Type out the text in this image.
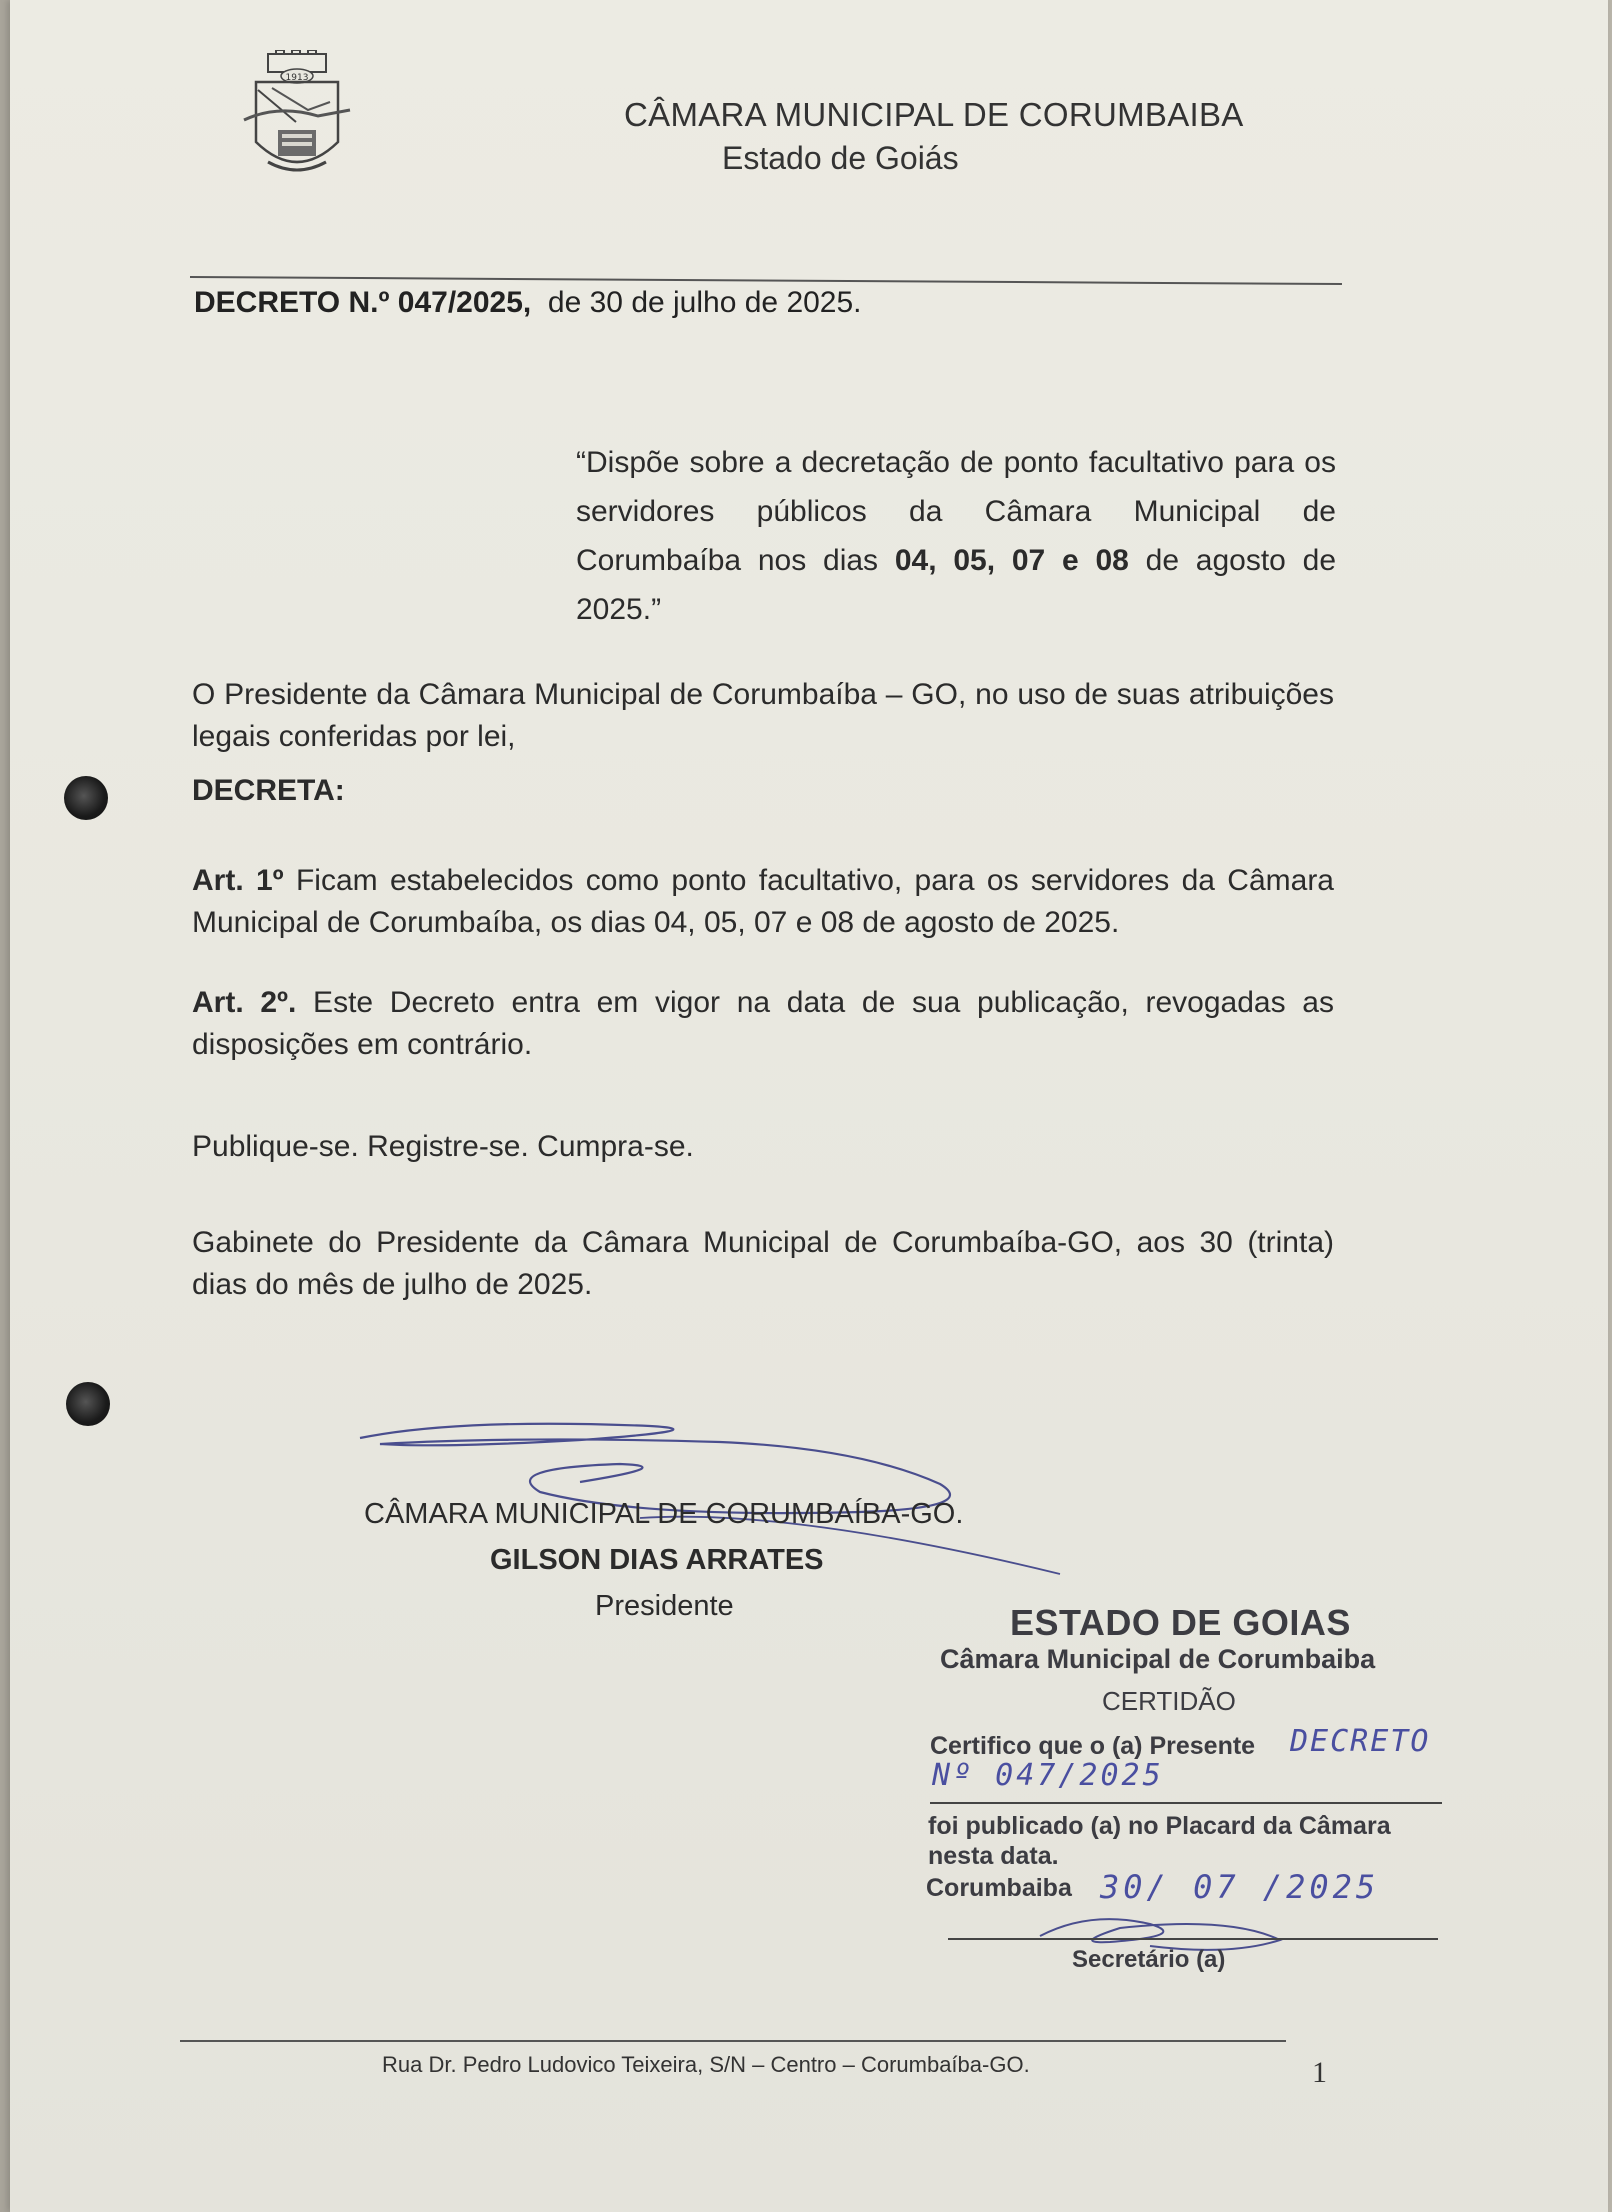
1913
CÂMARA MUNICIPAL DE CORUMBAIBA
Estado de Goiás
DECRETO N.º 047/2025, de 30 de julho de 2025.
“Dispõe sobre a decretação de ponto facultativo para os servidores públicos da Câmara Municipal de Corumbaíba nos dias 04, 05, 07 e 08 de agosto de 2025.”
O Presidente da Câmara Municipal de Corumbaíba – GO, no uso de suas atribuições legais conferidas por lei,
DECRETA:
Art. 1º Ficam estabelecidos como ponto facultativo, para os servidores da Câmara Municipal de Corumbaíba, os dias 04, 05, 07 e 08 de agosto de 2025.
Art. 2º. Este Decreto entra em vigor na data de sua publicação, revogadas as disposições em contrário.
Publique-se. Registre-se. Cumpra-se.
Gabinete do Presidente da Câmara Municipal de Corumbaíba-GO, aos 30 (trinta) dias do mês de julho de 2025.
CÂMARA MUNICIPAL DE CORUMBAÍBA-GO.
GILSON DIAS ARRATES
Presidente	ESTADO DE GOIAS
Câmara Municipal de Corumbaiba
CERTIDÃO
Certifico que o (a) Presente DECRETO
Nº 047/2025
foi publicado (a) no Placard da Câmara
nesta data.
Corumbaiba 30/ 07 /2025
Secretário (a)
Rua Dr. Pedro Ludovico Teixeira, S/N – Centro – Corumbaíba-GO.	1
